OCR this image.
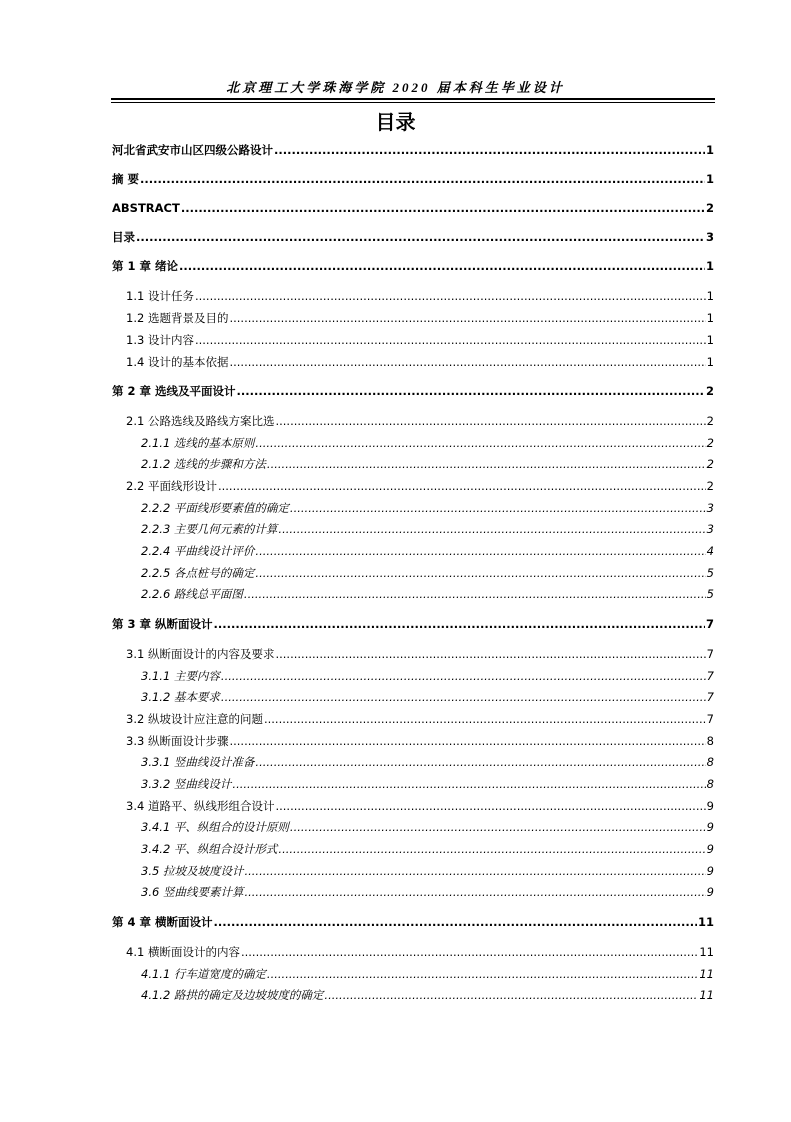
北京理工大学珠海学院 2020 届本科生毕业设计
目录
河北省武安市山区四级公路设计 .....	1
摘 要 .....	1
ABSTRACT .....	2
目录 .....	3
第 1 章 绪论 .....	1
1.1 设计任务 .....	1
1.2 选题背景及目的 .....	1
1.3 设计内容 .....	1
1.4 设计的基本依据 .....	1
第 2 章 选线及平面设计 .....	2
2.1 公路选线及路线方案比选 .....	2
2.1.1 选线的基本原则 .....	2
2.1.2 选线的步骤和方法 .....	2
2.2 平面线形设计 .....	2
2.2.2 平面线形要素值的确定 .....	3
2.2.3 主要几何元素的计算 .....	3
2.2.4 平曲线设计评价 .....	4
2.2.5 各点桩号的确定 .....	5
2.2.6 路线总平面图 .....	5
第 3 章 纵断面设计 .....	7
3.1 纵断面设计的内容及要求 .....	7
3.1.1 主要内容 .....	7
3.1.2 基本要求 .....	7
3.2 纵坡设计应注意的问题 .....	7
3.3 纵断面设计步骤 .....	8
3.3.1 竖曲线设计准备 .....	8
3.3.2 竖曲线设计 .....	8
3.4 道路平、纵线形组合设计 .....	9
3.4.1 平、纵组合的设计原则 .....	9
3.4.2 平、纵组合设计形式 .....	9
3.5 拉坡及坡度设计 .....	9
3.6 竖曲线要素计算 .....	9
第 4 章 横断面设计 .....	11
4.1 横断面设计的内容 .....	11
4.1.1 行车道宽度的确定 .....	11
4.1.2 路拱的确定及边坡坡度的确定 .....	11
